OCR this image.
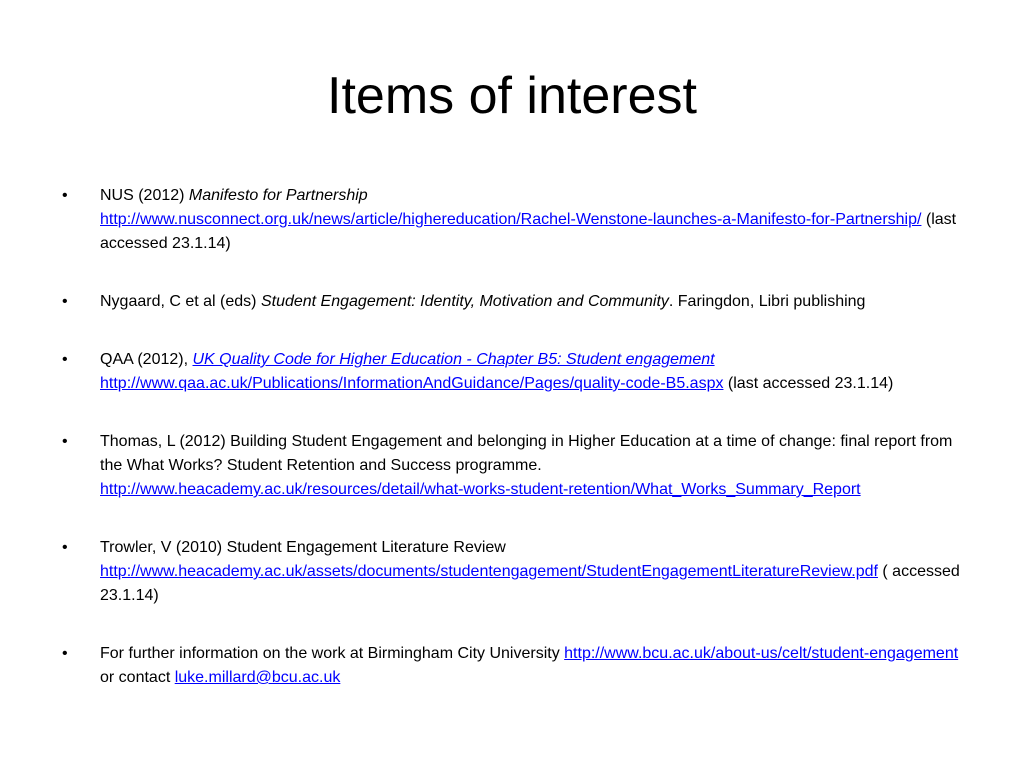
Items of interest
•	NUS (2012) Manifesto for Partnership
http://www.nusconnect.org.uk/news/article/highereducation/Rachel-Wenstone-launches-a-Manifesto-for-Partnership/ (last accessed 23.1.14)
•	Nygaard, C et al (eds) Student Engagement: Identity, Motivation and Community. Faringdon, Libri publishing
•	QAA (2012), UK Quality Code for Higher Education - Chapter B5: Student engagement
http://www.qaa.ac.uk/Publications/InformationAndGuidance/Pages/quality-code-B5.aspx (last accessed 23.1.14)
•	Thomas, L (2012) Building Student Engagement and belonging in Higher Education at a time of change: final report from the What Works? Student Retention and Success programme.
http://www.heacademy.ac.uk/resources/detail/what-works-student-retention/What_Works_Summary_Report
•	Trowler, V (2010) Student Engagement Literature Review
http://www.heacademy.ac.uk/assets/documents/studentengagement/StudentEngagementLiteratureReview.pdf ( accessed 23.1.14)
•	For further information on the work at Birmingham City University http://www.bcu.ac.uk/about-us/celt/student-engagement or contact luke.millard@bcu.ac.uk
